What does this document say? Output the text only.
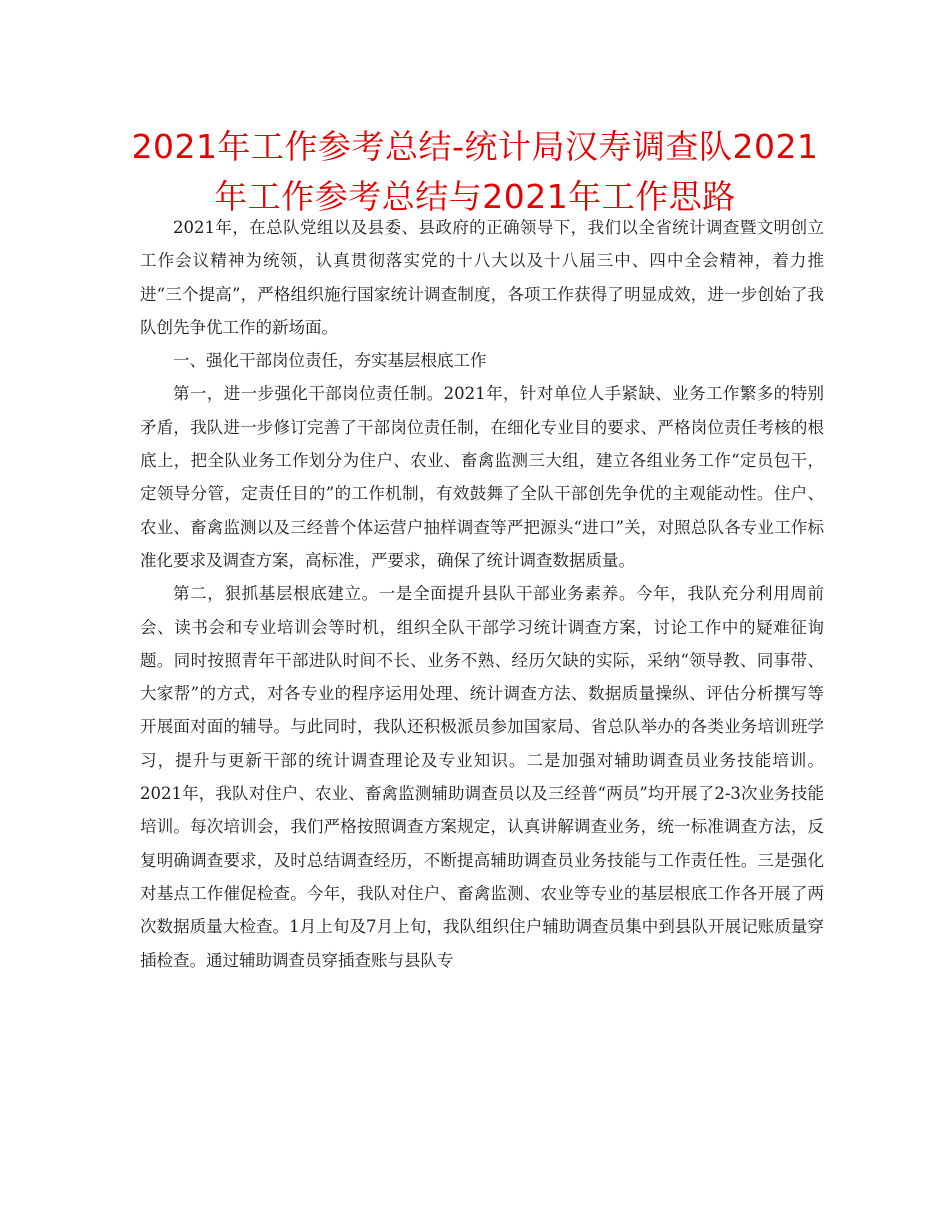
2021年工作参考总结-统计局汉寿调查队2021年工作参考总结与2021年工作思路

2021年，在总队党组以及县委、县政府的正确领导下，我们以全省统计调查暨文明创立工作会议精神为统领，认真贯彻落实党的十八大以及十八届三中、四中全会精神，着力推进“三个提高”，严格组织施行国家统计调查制度，各项工作获得了明显成效，进一步创始了我队创先争优工作的新场面。

一、强化干部岗位责任，夯实基层根底工作

第一，进一步强化干部岗位责任制。2021年，针对单位人手紧缺、业务工作繁多的特别矛盾，我队进一步修订完善了干部岗位责任制，在细化专业目的要求、严格岗位责任考核的根底上，把全队业务工作划分为住户、农业、畜禽监测三大组，建立各组业务工作“定员包干，定领导分管，定责任目的”的工作机制，有效鼓舞了全队干部创先争优的主观能动性。住户、农业、畜禽监测以及三经普个体运营户抽样调查等严把源头“进口”关，对照总队各专业工作标准化要求及调查方案，高标准，严要求，确保了统计调查数据质量。

第二，狠抓基层根底建立。一是全面提升县队干部业务素养。今年，我队充分利用周前会、读书会和专业培训会等时机，组织全队干部学习统计调查方案，讨论工作中的疑难征询题。同时按照青年干部进队时间不长、业务不熟、经历欠缺的实际，采纳“领导教、同事带、大家帮”的方式，对各专业的程序运用处理、统计调查方法、数据质量操纵、评估分析撰写等开展面对面的辅导。与此同时，我队还积极派员参加国家局、省总队举办的各类业务培训班学习，提升与更新干部的统计调查理论及专业知识。二是加强对辅助调查员业务技能培训。2021年，我队对住户、农业、畜禽监测辅助调查员以及三经普“两员”均开展了2-3次业务技能培训。每次培训会，我们严格按照调查方案规定，认真讲解调查业务，统一标准调查方法，反复明确调查要求，及时总结调查经历，不断提高辅助调查员业务技能与工作责任性。三是强化对基点工作催促检查。今年，我队对住户、畜禽监测、农业等专业的基层根底工作各开展了两次数据质量大检查。1月上旬及7月上旬，我队组织住户辅助调查员集中到县队开展记账质量穿插检查。通过辅助调查员穿插查账与县队专
